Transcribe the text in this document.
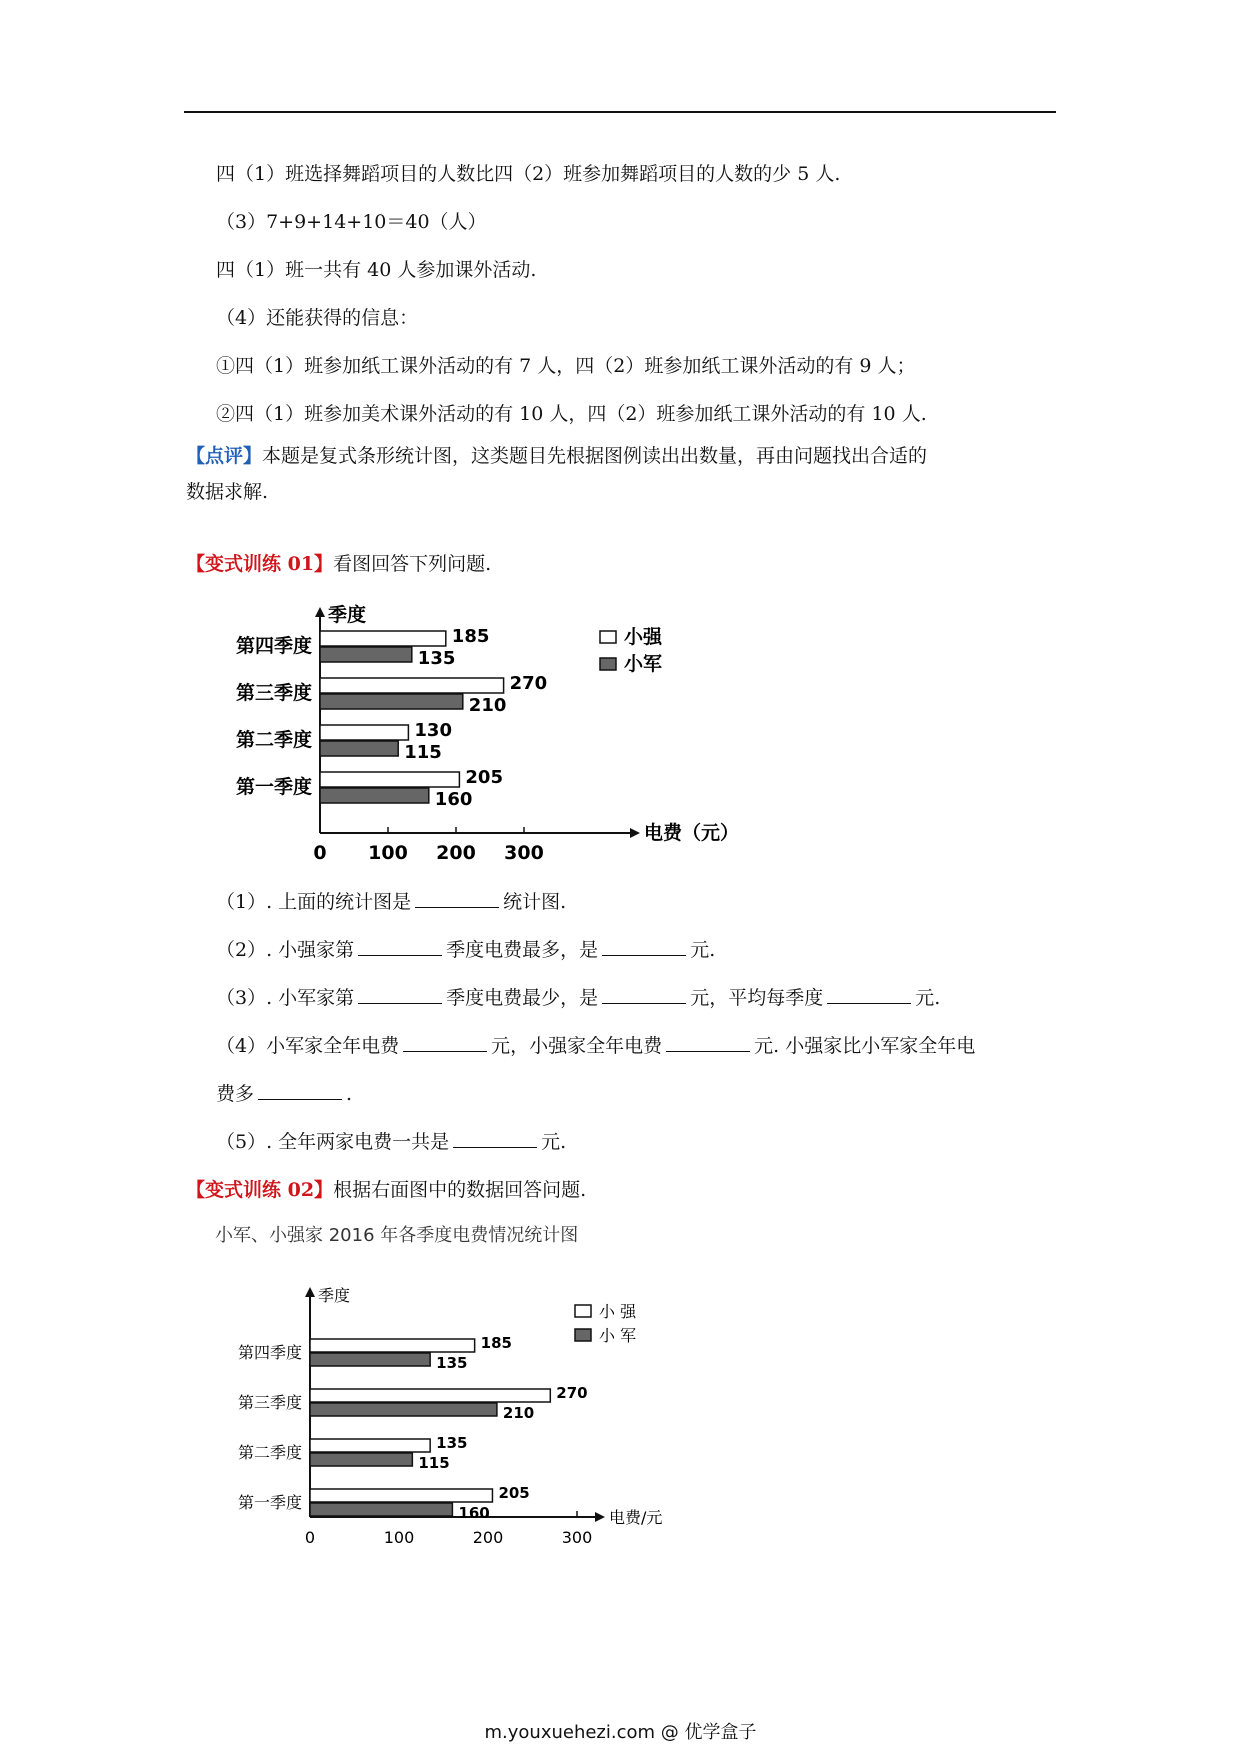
四（1）班选择舞蹈项目的人数比四（2）班参加舞蹈项目的人数的少 5 人.
（3）7+9+14+10＝40（人）
四（1）班一共有 40 人参加课外活动.
（4）还能获得的信息：
①四（1）班参加纸工课外活动的有 7 人，四（2）班参加纸工课外活动的有 9 人；
②四（1）班参加美术课外活动的有 10 人，四（2）班参加纸工课外活动的有 10 人.
【点评】本题是复式条形统计图，这类题目先根据图例读出出数量，再由问题找出合适的
数据求解.
【变式训练 01】看图回答下列问题.
季度
电费（元）
0 100 200 300
第四季度	185
135
第三季度	270
210
第二季度	130
115
第一季度	205
160
小强
小军
（1）. 上面的统计图是	统计图.
（2）. 小强家第	季度电费最多，是	元.
（3）. 小军家第	季度电费最少，是	元，平均每季度	元.
（4）小军家全年电费	元，小强家全年电费	元. 小强家比小军家全年电
费多	.
（5）. 全年两家电费一共是	元.
【变式训练 02】根据右面图中的数据回答问题.
季度
电费/元
小军、小强家 2016 年各季度电费情况统计图
0	100	200	300
第四季度	185
135
第三季度	270
210
第二季度	135
115
第一季度	205
160
小 强
小 军
m.youxuehezi.com @ 优学盒子
